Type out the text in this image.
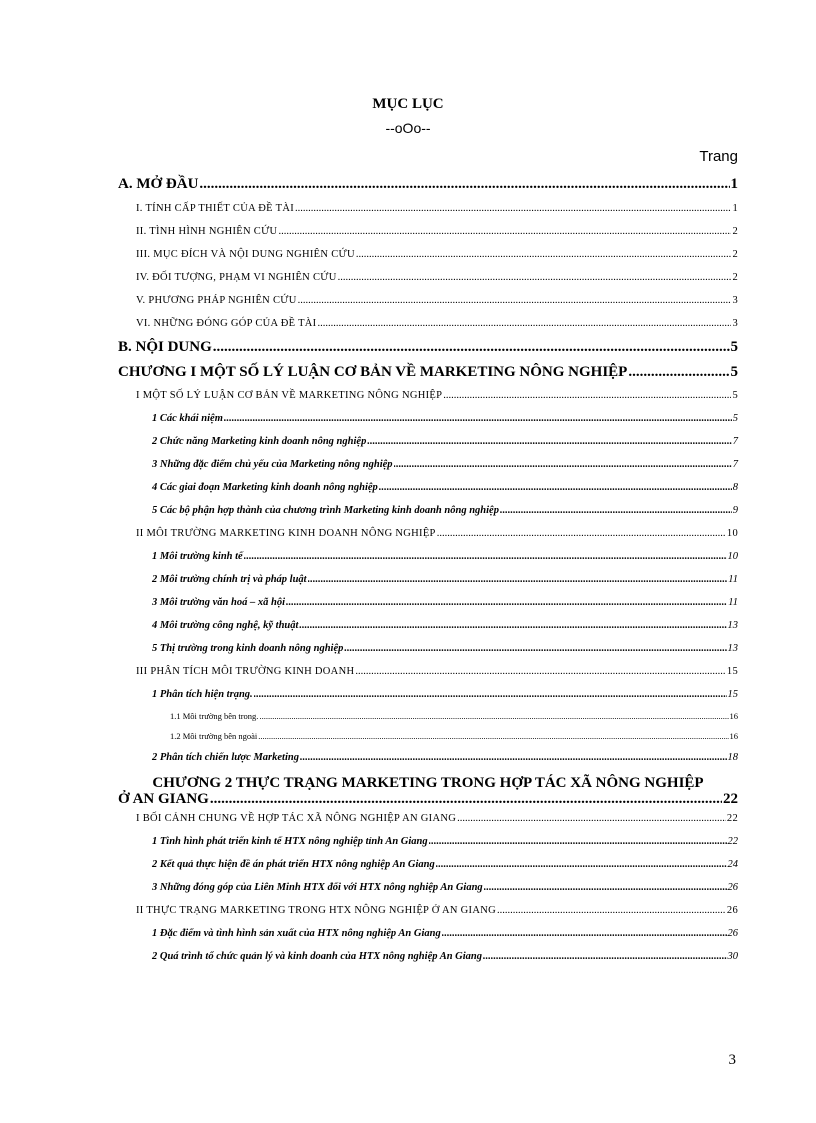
MỤC LỤC
--oOo--
Trang
A. MỞ ĐẦU .....	1
I. TÍNH CẤP THIẾT CỦA ĐỀ TÀI .....	1
II. TÌNH HÌNH NGHIÊN CỨU .....	2
III. MỤC ĐÍCH VÀ NỘI DUNG NGHIÊN CỨU .....	2
IV. ĐỐI TƯỢNG, PHẠM VI NGHIÊN CỨU .....	2
V. PHƯƠNG PHÁP NGHIÊN CỨU .....	3
VI. NHỮNG ĐÓNG GÓP CỦA ĐỀ TÀI .....	3
B. NỘI DUNG .....	5
CHƯƠNG I MỘT SỐ LÝ LUẬN CƠ BẢN VỀ MARKETING NÔNG NGHIỆP .....	5
I MỘT SỐ LÝ LUẬN CƠ BẢN VỀ MARKETING NÔNG NGHIỆP .....	5
1 Các khái niệm .....	5
2 Chức năng Marketing kinh doanh nông nghiệp .....	7
3 Những đặc điểm chủ yếu của Marketing nông nghiệp .....	7
4 Các giai đoạn Marketing kinh doanh nông nghiệp .....	8
5 Các bộ phận hợp thành của chương trình Marketing kinh doanh nông nghiệp .....	9
II MÔI TRƯỜNG MARKETING KINH DOANH NÔNG NGHIỆP .....	10
1 Môi trường kinh tế .....	10
2 Môi trường chính trị và pháp luật .....	11
3 Môi trường văn hoá – xã hội .....	11
4 Môi trường công nghệ, kỹ thuật .....	13
5 Thị trường trong kinh doanh nông nghiệp .....	13
III PHÂN TÍCH MÔI TRƯỜNG KINH DOANH .....	15
1 Phân tích hiện trạng. .....	15
1.1 Môi trường bên trong. .....	16
1.2 Môi trường bên ngoài .....	16
2 Phân tích chiến lược Marketing .....	18
CHƯƠNG 2 THỰC TRẠNG MARKETING TRONG HỢP TÁC XÃ NÔNG NGHIỆP
Ở AN GIANG .....	22
I BỐI CẢNH CHUNG VỀ HỢP TÁC XÃ NÔNG NGHIỆP AN GIANG .....	22
1 Tình hình phát triển kinh tế HTX nông nghiệp tỉnh An Giang .....	22
2 Kết quả thực hiện đề án phát triển HTX nông nghiệp An Giang .....	24
3 Những đóng góp của Liên Minh HTX đối với HTX nông nghiệp An Giang .....	26
II THỰC TRẠNG MARKETING TRONG HTX NÔNG NGHIỆP Ở AN GIANG .....	26
1 Đặc điểm và tình hình sản xuất của HTX nông nghiệp An Giang .....	26
2 Quá trình tổ chức quản lý và kinh doanh của HTX nông nghiệp An Giang .....	30
3
